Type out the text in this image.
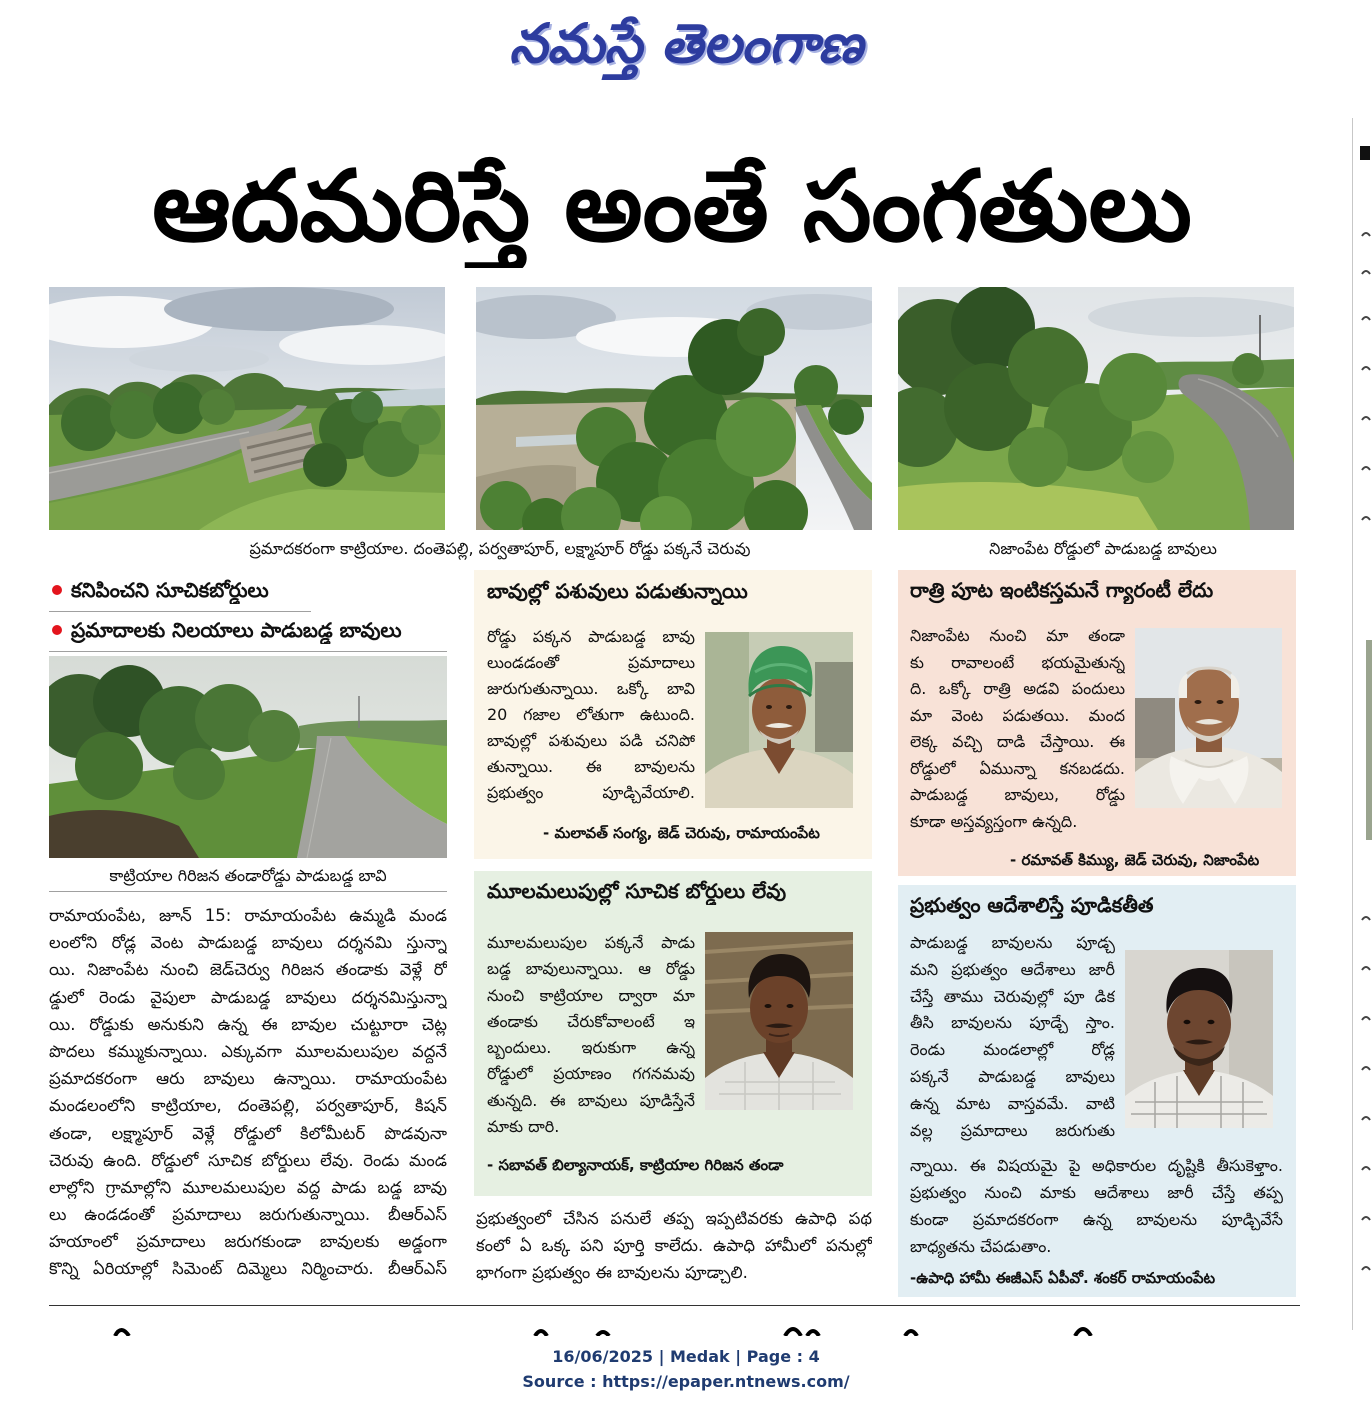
నమస్తే తెలంగాణ
ఆదమరిస్తే అంతే సంగతులు
ప్రమాదకరంగా కాట్రియాల. దంతెపల్లి, పర్వతాపూర్, లక్ష్మాపూర్ రోడ్డు పక్కనే చెరువు	నిజాంపేట రోడ్డులో పాడుబడ్డ బావులు
కనిపించని సూచికబోర్డులు
ప్రమాదాలకు నిలయాలు పాడుబడ్డ బావులు
కాట్రియాల గిరిజన తండారోడ్డు పాడుబడ్డ బావి
రామాయంపేట, జూన్ 15: రామాయంపేట ఉమ్మడి మండ
లంలోని రోడ్ల వెంట పాడుబడ్డ బావులు దర్శనమి స్తున్నా
యి. నిజాంపేట నుంచి జెడ్‌చెర్వు గిరిజన తండాకు వెళ్లే రో
డ్డులో రెండు వైపులా పాడుబడ్డ బావులు దర్శనమిస్తున్నా
యి. రోడ్డుకు అనుకుని ఉన్న ఈ బావుల చుట్టూరా చెట్ల
పొదలు కమ్ముకున్నాయి. ఎక్కువగా మూలమలుపుల వద్దనే
ప్రమాదకరంగా ఆరు బావులు ఉన్నాయి. రామాయంపేట
మండలంలోని కాట్రియాల, దంతెపల్లి, పర్వతాపూర్, కిషన్
తండా, లక్ష్మాపూర్ వెళ్లే రోడ్డులో కిలోమీటర్ పొడవునా
చెరువు ఉంది. రోడ్డులో సూచిక బోర్డులు లేవు. రెండు మండ
లాల్లోని గ్రామాల్లోని మూలమలుపుల వద్ద పాడు బడ్డ బావు
లు ఉండడంతో ప్రమాదాలు జరుగుతున్నాయి. బీఆర్‌ఎస్
హయాంలో ప్రమాదాలు జరుగకుండా బావులకు అడ్డంగా
కొన్ని ఏరియాల్లో సిమెంట్ దిమ్మెలు నిర్మించారు. బీఆర్‌ఎస్
బావుల్లో పశువులు పడుతున్నాయి
రోడ్డు పక్కన పాడుబడ్డ బావు
లుండడంతో ప్రమాదాలు
జురుగుతున్నాయి. ఒక్కో బావి
20 గజాల లోతుగా ఉటుంది.
బావుల్లో పశువులు పడి చనిపో
తున్నాయి. ఈ బావులను
ప్రభుత్వం పూడ్చివేయాలి.
- మలావత్ సంగ్య, జెడ్ చెరువు, రామాయంపేట
మూలమలుపుల్లో సూచిక బోర్డులు లేవు
మూలమలుపుల పక్కనే పాడు
బడ్డ బావులున్నాయి. ఆ రోడ్డు
నుంచి కాట్రియాల ద్వారా మా
తండాకు చేరుకోవాలంటే ఇ
బ్బందులు. ఇరుకుగా ఉన్న
రోడ్డులో ప్రయాణం గగనమవు
తున్నది. ఈ బావులు పూడిస్తేనే
మాకు దారి.
- సబావత్ బిల్యానాయక్, కాట్రియాల గిరిజన తండా
ప్రభుత్వంలో చేసిన పనులే తప్ప ఇప్పటివరకు ఉపాధి పథ
కంలో ఏ ఒక్క పని పూర్తి కాలేదు. ఉపాధి హామీలో పనుల్లో
భాగంగా ప్రభుత్వం ఈ బావులను పూడ్చాలి.
రాత్రి పూట ఇంటికస్తమనే గ్యారంటీ లేదు
నిజాంపేట నుంచి మా తండా
కు రావాలంటే భయమైతున్న
ది. ఒక్కో రాత్రి అడవి పందులు
మా వెంట పడుతయి. మంద
లెక్క వచ్చి దాడి చేస్తాయి. ఈ
రోడ్డులో ఏమున్నా కనబడదు.
పాడుబడ్డ బావులు, రోడ్డు
కూడా అస్తవ్యస్తంగా ఉన్నది.
- రమావత్ కిమ్యు, జెడ్ చెరువు, నిజాంపేట
ప్రభుత్వం ఆదేశాలిస్తే పూడికతీత
పాడుబడ్డ బావులను పూడ్చ
మని ప్రభుత్వం ఆదేశాలు జారీ
చేస్తే తాము చెరువుల్లో పూ డిక
తీసి బావులను పూడ్చే స్తాం.
రెండు మండలాల్లో రోడ్ల
పక్కనే పాడుబడ్డ బావులు
ఉన్న మాట వాస్తవమే. వాటి
వల్ల ప్రమాదాలు జరుగుతు
న్నాయి. ఈ విషయమై పై అధికారుల దృష్టికి తీసుకెళ్తాం.
ప్రభుత్వం నుంచి మాకు ఆదేశాలు జారీ చేస్తే తప్ప
కుండా ప్రమాదకరంగా ఉన్న బావులను పూడ్చివేసే
బాధ్యతను చేపడుతాం.
-ఉపాధి హామీ ఈజీఎస్ ఏపీవో. శంకర్ రామాయంపేట
16/06/2025 | Medak | Page : 4
Source : https://epaper.ntnews.com/
